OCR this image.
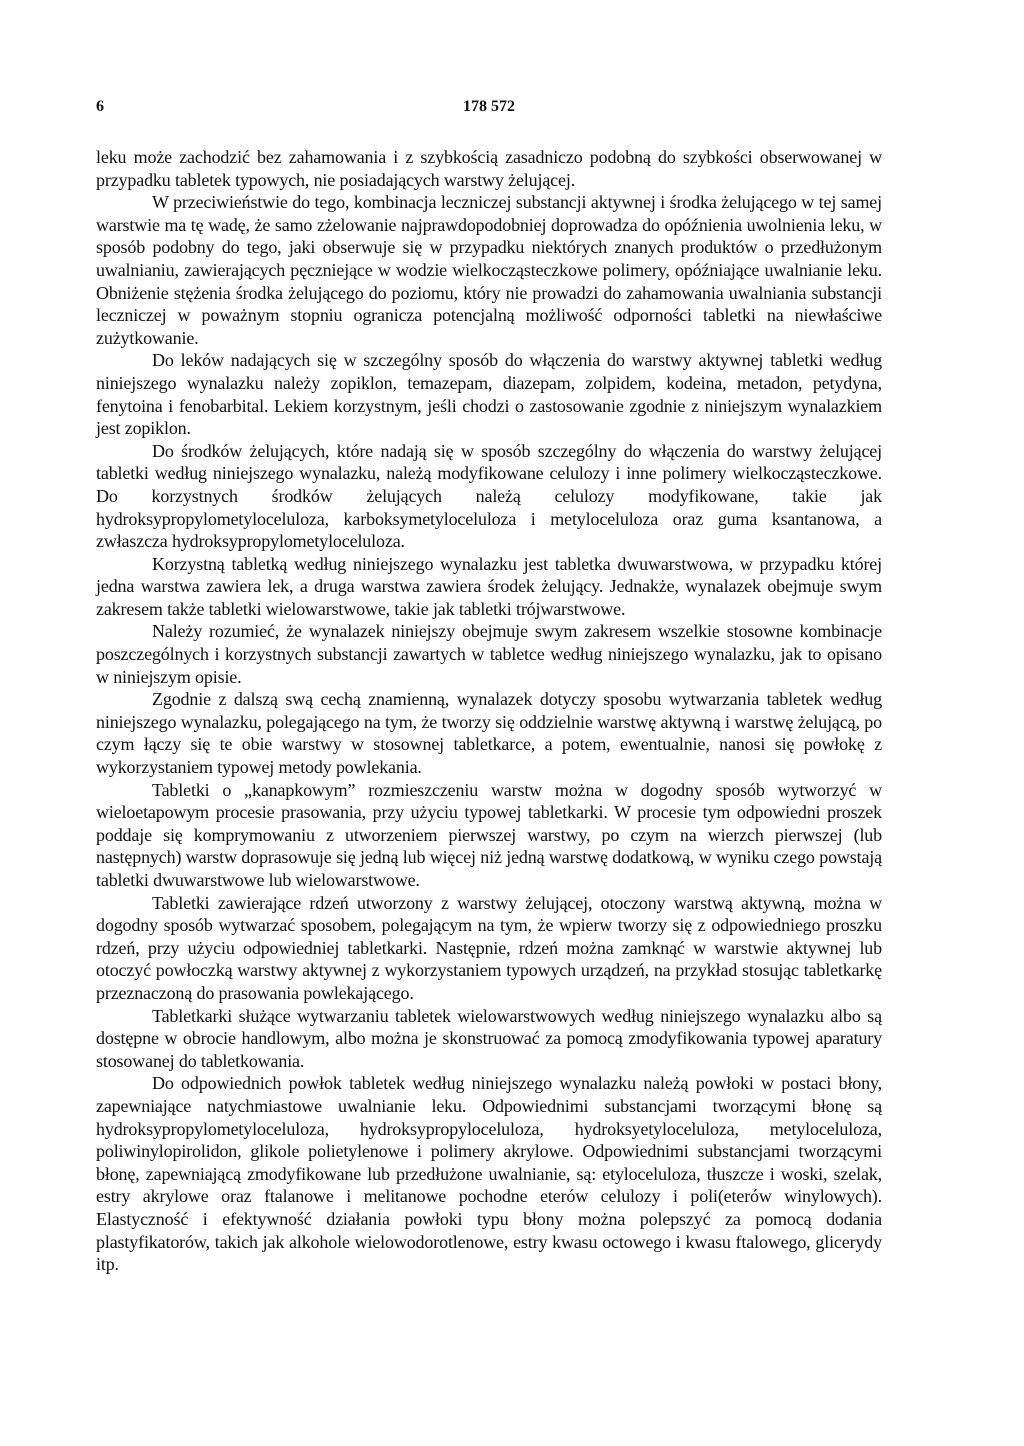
6	178 572

leku może zachodzić bez zahamowania i z szybkością zasadniczo podobną do szybkości obserwowanej w przypadku tabletek typowych, nie posiadających warstwy żelującej.

W przeciwieństwie do tego, kombinacja leczniczej substancji aktywnej i środka żelującego w tej samej warstwie ma tę wadę, że samo zżelowanie najprawdopodobniej doprowadza do opóźnienia uwolnienia leku, w sposób podobny do tego, jaki obserwuje się w przypadku niektórych znanych produktów o przedłużonym uwalnianiu, zawierających pęczniejące w wodzie wielkocząsteczkowe polimery, opóźniające uwalnianie leku. Obniżenie stężenia środka żelującego do poziomu, który nie prowadzi do zahamowania uwalniania substancji leczniczej w poważnym stopniu ogranicza potencjalną możliwość odporności tabletki na niewłaściwe zużytkowanie.

Do leków nadających się w szczególny sposób do włączenia do warstwy aktywnej tabletki według niniejszego wynalazku należy zopiklon, temazepam, diazepam, zolpidem, kodeina, metadon, petydyna, fenytoina i fenobarbital. Lekiem korzystnym, jeśli chodzi o zastosowanie zgodnie z niniejszym wynalazkiem jest zopiklon.

Do środków żelujących, które nadają się w sposób szczególny do włączenia do warstwy żelującej tabletki według niniejszego wynalazku, należą modyfikowane celulozy i inne polimery wielkocząsteczkowe. Do korzystnych środków żelujących należą celulozy modyfikowane, takie jak hydroksypropylometyloceluloza, karboksymetyloceluloza i metyloceluloza oraz guma ksantanowa, a zwłaszcza hydroksypropylometyloceluloza.

Korzystną tabletką według niniejszego wynalazku jest tabletka dwuwarstwowa, w przypadku której jedna warstwa zawiera lek, a druga warstwa zawiera środek żelujący. Jednakże, wynalazek obejmuje swym zakresem także tabletki wielowarstwowe, takie jak tabletki trójwarstwowe.

Należy rozumieć, że wynalazek niniejszy obejmuje swym zakresem wszelkie stosowne kombinacje poszczególnych i korzystnych substancji zawartych w tabletce według niniejszego wynalazku, jak to opisano w niniejszym opisie.

Zgodnie z dalszą swą cechą znamienną, wynalazek dotyczy sposobu wytwarzania tabletek według niniejszego wynalazku, polegającego na tym, że tworzy się oddzielnie warstwę aktywną i warstwę żelującą, po czym łączy się te obie warstwy w stosownej tabletkarce, a potem, ewentualnie, nanosi się powłokę z wykorzystaniem typowej metody powlekania.

Tabletki o „kanapkowym” rozmieszczeniu warstw można w dogodny sposób wytworzyć w wieloetapowym procesie prasowania, przy użyciu typowej tabletkarki. W procesie tym odpowiedni proszek poddaje się komprymowaniu z utworzeniem pierwszej warstwy, po czym na wierzch pierwszej (lub następnych) warstw doprasowuje się jedną lub więcej niż jedną warstwę dodatkową, w wyniku czego powstają tabletki dwuwarstwowe lub wielowarstwowe.

Tabletki zawierające rdzeń utworzony z warstwy żelującej, otoczony warstwą aktywną, można w dogodny sposób wytwarzać sposobem, polegającym na tym, że wpierw tworzy się z odpowiedniego proszku rdzeń, przy użyciu odpowiedniej tabletkarki. Następnie, rdzeń można zamknąć w warstwie aktywnej lub otoczyć powłoczką warstwy aktywnej z wykorzystaniem typowych urządzeń, na przykład stosując tabletkarkę przeznaczoną do prasowania powlekającego.

Tabletkarki służące wytwarzaniu tabletek wielowarstwowych według niniejszego wynalazku albo są dostępne w obrocie handlowym, albo można je skonstruować za pomocą zmodyfikowania typowej aparatury stosowanej do tabletkowania.

Do odpowiednich powłok tabletek według niniejszego wynalazku należą powłoki w postaci błony, zapewniające natychmiastowe uwalnianie leku. Odpowiednimi substancjami tworzącymi błonę są hydroksypropylometyloceluloza, hydroksypropyloceluloza, hydroksyetyloceluloza, metyloceluloza, poliwinylopirolidon, glikole polietylenowe i polimery akrylowe. Odpowiednimi substancjami tworzącymi błonę, zapewniającą zmodyfikowane lub przedłużone uwalnianie, są: etyloceluloza, tłuszcze i woski, szelak, estry akrylowe oraz ftalanowe i melitanowe pochodne eterów celulozy i poli(eterów winylowych). Elastyczność i efektywność działania powłoki typu błony można polepszyć za pomocą dodania plastyfikatorów, takich jak alkohole wielowodorotlenowe, estry kwasu octowego i kwasu ftalowego, glicerydy itp.
